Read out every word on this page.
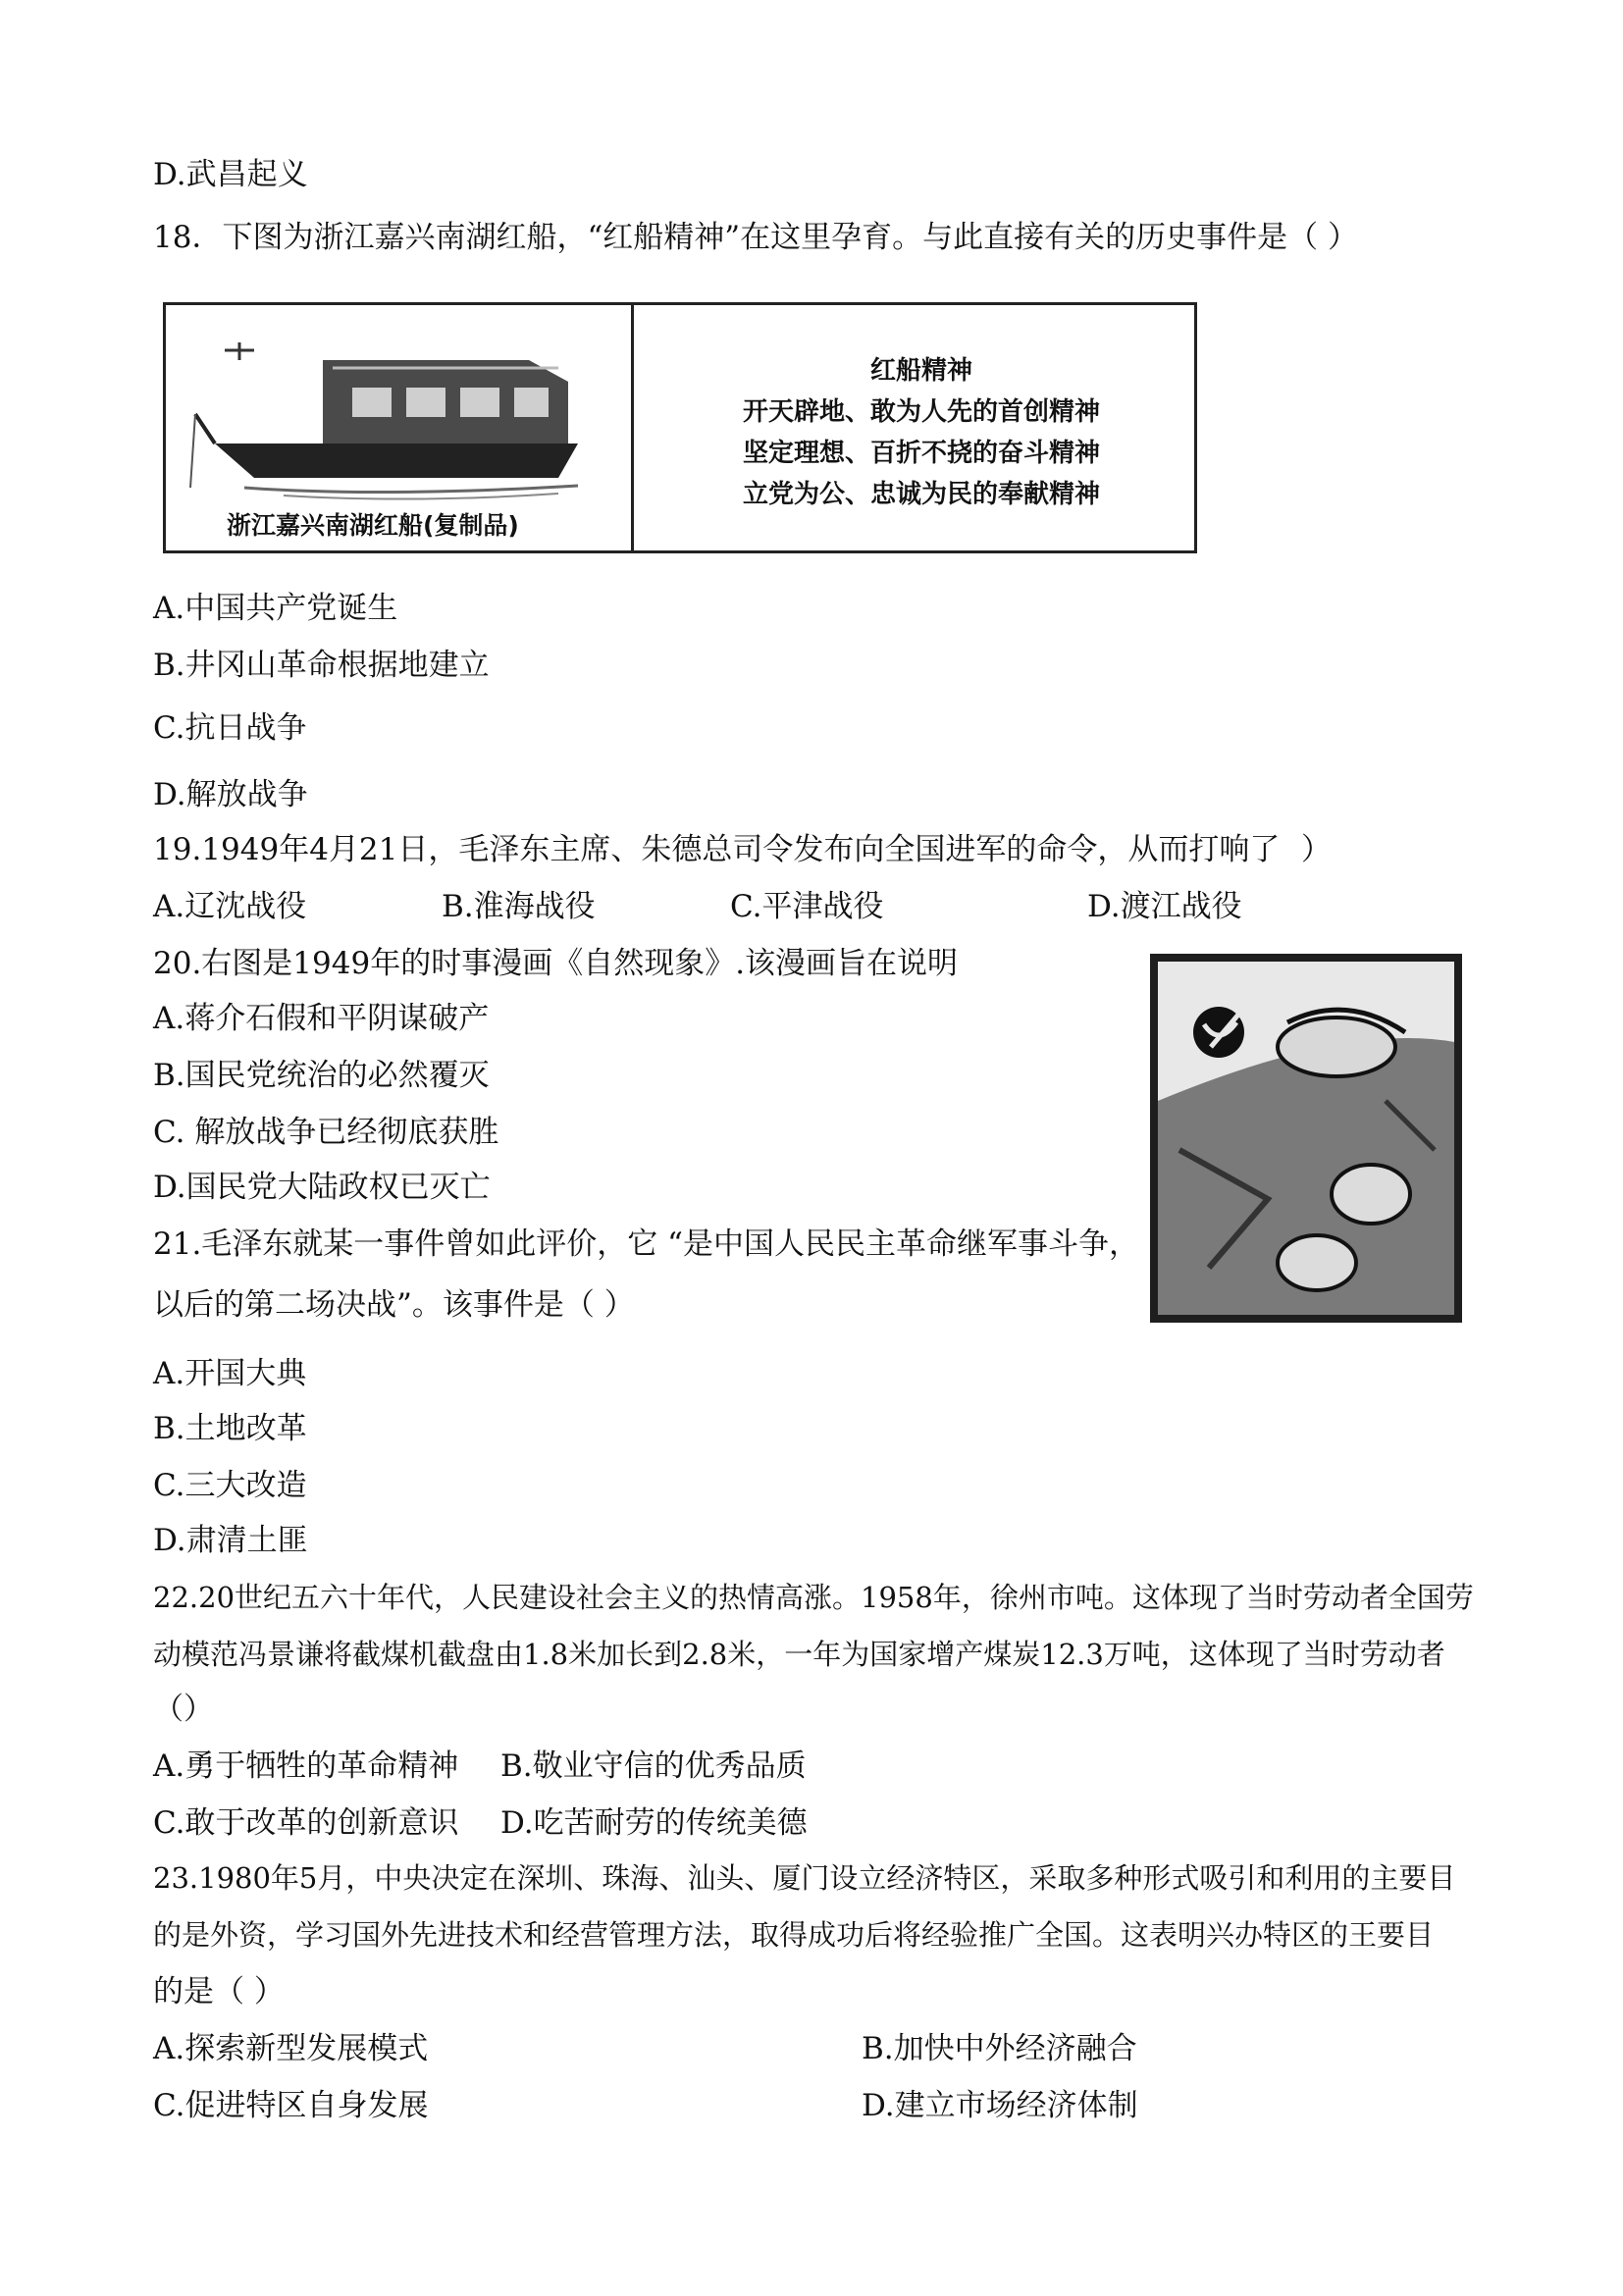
D.武昌起义
18．下图为浙江嘉兴南湖红船，“红船精神”在这里孕育。与此直接有关的历史事件是（ ）
浙江嘉兴南湖红船(复制品)
红船精神
开天辟地、敢为人先的首创精神
坚定理想、百折不挠的奋斗精神
立党为公、忠诚为民的奉献精神
A.中国共产党诞生
B.井冈山革命根据地建立
C.抗日战争
D.解放战争
19.1949年4月21日，毛泽东主席、朱德总司令发布向全国进军的命令，从而打响了 ）
A.辽沈战役	B.淮海战役	C.平津战役	D.渡江战役
20.右图是1949年的时事漫画《自然现象》.该漫画旨在说明
A.蒋介石假和平阴谋破产
B.国民党统治的必然覆灭
C. 解放战争已经彻底获胜
D.国民党大陆政权已灭亡
21.毛泽东就某一事件曾如此评价，它 “是中国人民民主革命继军事斗争，
以后的第二场决战”。该事件是（ ）
A.开国大典
B.土地改革
C.三大改造
D.肃清土匪
22.20世纪五六十年代，人民建设社会主义的热情高涨。1958年，徐州市吨。这体现了当时劳动者全国劳
动模范冯景谦将截煤机截盘由1.8米加长到2.8米，一年为国家增产煤炭12.3万吨，这体现了当时劳动者
（）
A.勇于牺牲的革命精神 B.敬业守信的优秀品质
C.敢于改革的创新意识 D.吃苦耐劳的传统美德
23.1980年5月，中央决定在深圳、珠海、汕头、厦门设立经济特区，采取多种形式吸引和利用的主要目
的是外资，学习国外先进技术和经营管理方法，取得成功后将经验推广全国。这表明兴办特区的王要目
的是（ ）
A.探索新型发展模式	B.加快中外经济融合
C.促进特区自身发展	D.建立市场经济体制
